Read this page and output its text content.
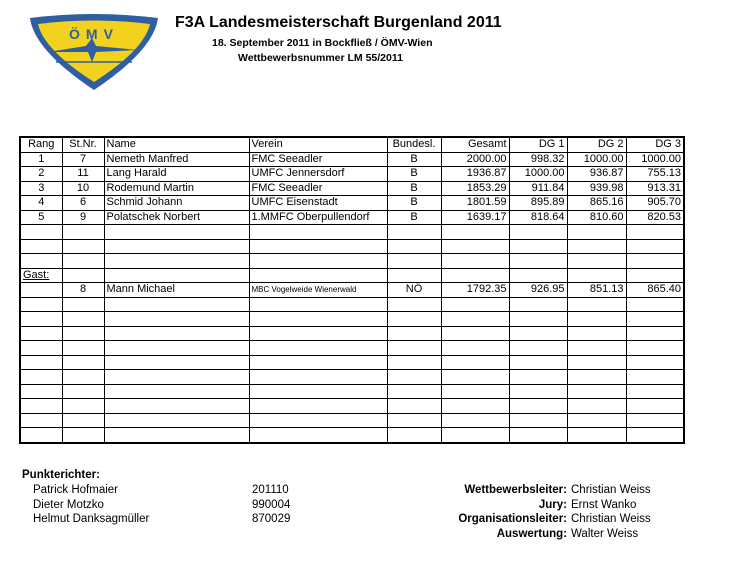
ÖMV
F3A Landesmeisterschaft Burgenland 2011
18. September 2011 in Bockfließ / ÖMV-Wien
Wettbewerbsnummer LM 55/2011
Rang	St.Nr.	Name	Verein	Bundesl.	Gesamt	DG 1	DG 2	DG 3
1	7	Nemeth Manfred	FMC Seeadler	B	2000.00	998.32	1000.00	1000.00
2	11	Lang Harald	UMFC Jennersdorf	B	1936.87	1000.00	936.87	755.13
3	10	Rodemund Martin	FMC Seeadler	B	1853.29	911.84	939.98	913.31
4	6	Schmid Johann	UMFC Eisenstadt	B	1801.59	895.89	865.16	905.70
5	9	Polatschek Norbert	1.MMFC Oberpullendorf	B	1639.17	818.64	810.60	820.53

Gast:								
	8	Mann Michael	MBC Vogelweide Wienerwald	NÖ	1792.35	926.95	851.13	865.40

Punkterichter:
Patrick Hofmaier	201110
Dieter Motzko	990004
Helmut Danksagmüller	870029
Wettbewerbsleiter: Christian Weiss
Jury: Ernst Wanko
Organisationsleiter: Christian Weiss
Auswertung: Walter Weiss
